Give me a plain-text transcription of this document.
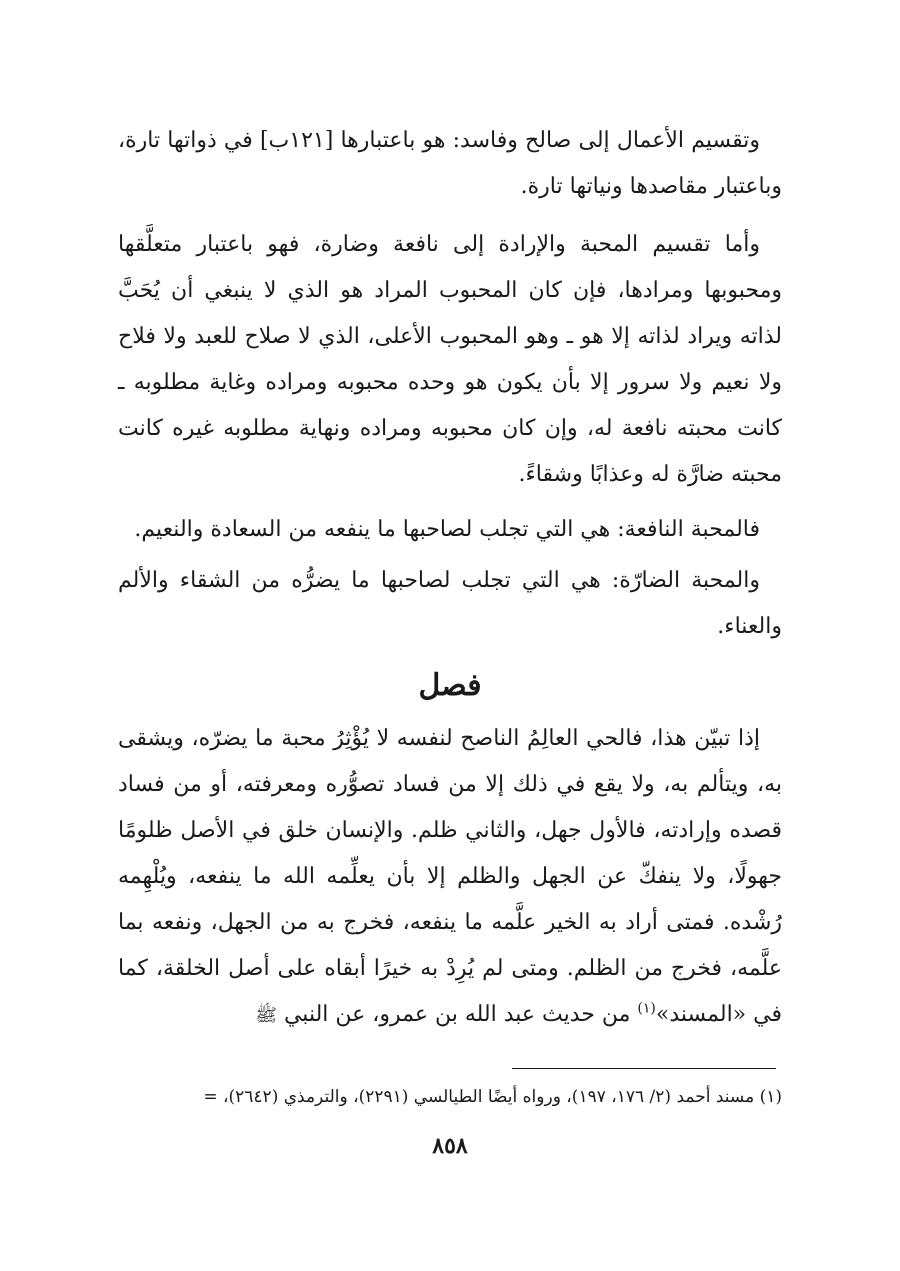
وتقسيم الأعمال إلى صالح وفاسد: هو باعتبارها [١٢١ب] في ذواتها تارة، وباعتبار مقاصدها ونياتها تارة.

وأما تقسيم المحبة والإرادة إلى نافعة وضارة، فهو باعتبار متعلَّقها ومحبوبها ومرادها، فإن كان المحبوب المراد هو الذي لا ينبغي أن يُحَبَّ لذاته ويراد لذاته إلا هو ـ وهو المحبوب الأعلى، الذي لا صلاح للعبد ولا فلاح ولا نعيم ولا سرور إلا بأن يكون هو وحده محبوبه ومراده وغاية مطلوبه ـ كانت محبته نافعة له، وإن كان محبوبه ومراده ونهاية مطلوبه غيره كانت محبته ضارَّة له وعذابًا وشقاءً.

فالمحبة النافعة: هي التي تجلب لصاحبها ما ينفعه من السعادة والنعيم.

والمحبة الضارّة: هي التي تجلب لصاحبها ما يضرُّه من الشقاء والألم والعناء.

فصل

إذا تبيّن هذا، فالحي العالِمُ الناصح لنفسه لا يُؤْثِرُ محبة ما يضرّه، ويشقى به، ويتألم به، ولا يقع في ذلك إلا من فساد تصوُّره ومعرفته، أو من فساد قصده وإرادته، فالأول جهل، والثاني ظلم. والإنسان خلق في الأصل ظلومًا جهولًا، ولا ينفكّ عن الجهل والظلم إلا بأن يعلِّمه الله ما ينفعه، ويُلْهِمه رُشْده. فمتى أراد به الخير علَّمه ما ينفعه، فخرج به من الجهل، ونفعه بما علَّمه، فخرج من الظلم. ومتى لم يُرِدْ به خيرًا أبقاه على أصل الخلقة، كما في «المسند»$^{(١)}$ من حديث عبد الله بن عمرو، عن النبي ﷺ

(١) مسند أحمد (٢/ ١٧٦، ١٩٧)، ورواه أيضًا الطيالسي (٢٢٩١)، والترمذي (٢٦٤٢)، =
٨٥٨
